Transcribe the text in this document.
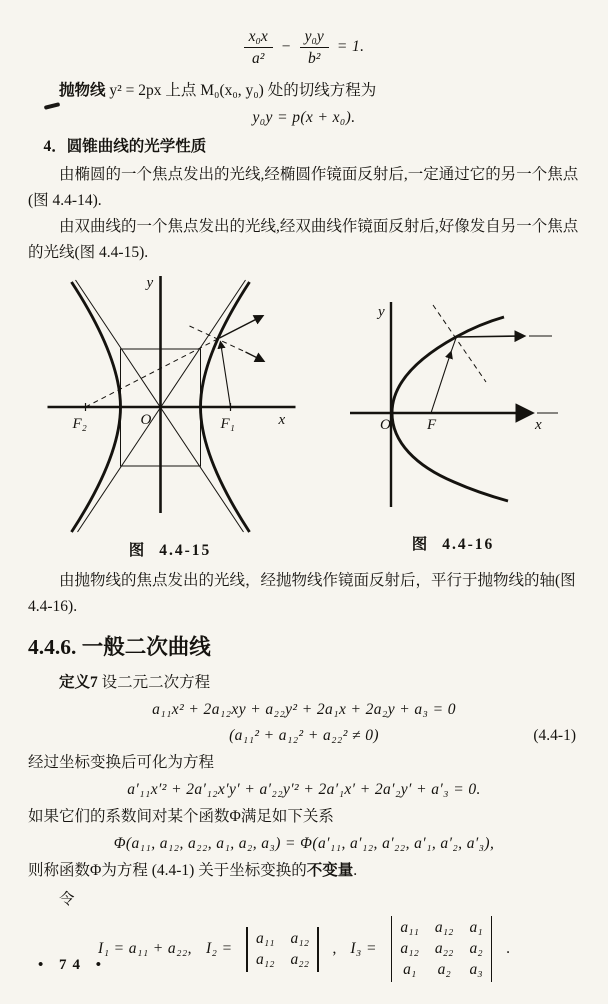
$\frac{\text{x₀x}}{\text{a²}} - \frac{\text{y₀y}}{\text{b²}} = 1$.

抛物线 y² = 2px 上点 M₀(x₀, y₀) 处的切线方程为

y₀y = p(x + x₀).
4．圆锥曲线的光学性质

由椭圆的一个焦点发出的光线,经椭圆作镜面反射后,一定通过它的另一个焦点(图 4.4-14).

由双曲线的一个焦点发出的光线,经双曲线作镜面反射后,好像发自另一个焦点的光线(图 4.4-15).

y
x
O
F₂	F₁
图 4.4-15
y
x
O F
图 4.4-16

由抛物线的焦点发出的光线，经抛物线作镜面反射后，平行于抛物线的轴(图 4.4-16).

4.4.6. 一般二次曲线

定义7 设二元二次方程

a₁₁x² + 2a₁₂xy + a₂₂y² + 2a₁x + 2a₂y + a₃ = 0
(a₁₁² + a₁₂² + a₂₂² ≠ 0)	(4.4-1)

经过坐标变换后可化为方程

a′₁₁x′² + 2a′₁₂x′y′ + a′₂₂y′² + 2a′₁x′ + 2a′₂y′ + a′₃ = 0.

如果它们的系数间对某个函数Φ满足如下关系

Φ(a₁₁, a₁₂, a₂₂, a₁, a₂, a₃) = Φ(a′₁₁, a′₁₂, a′₂₂, a′₁, a′₂, a′₃),

则称函数Φ为方程 (4.4-1) 关于坐标变换的不变量.

令

I₁ = a₁₁ + a₂₂, I₂ =
a₁₁ a₁₂
a₁₂ a₂₂
, I₃ =
a₁₁ a₁₂ a₁
a₁₂ a₂₂ a₂
a₁ a₂ a₃
.
• 74 •
